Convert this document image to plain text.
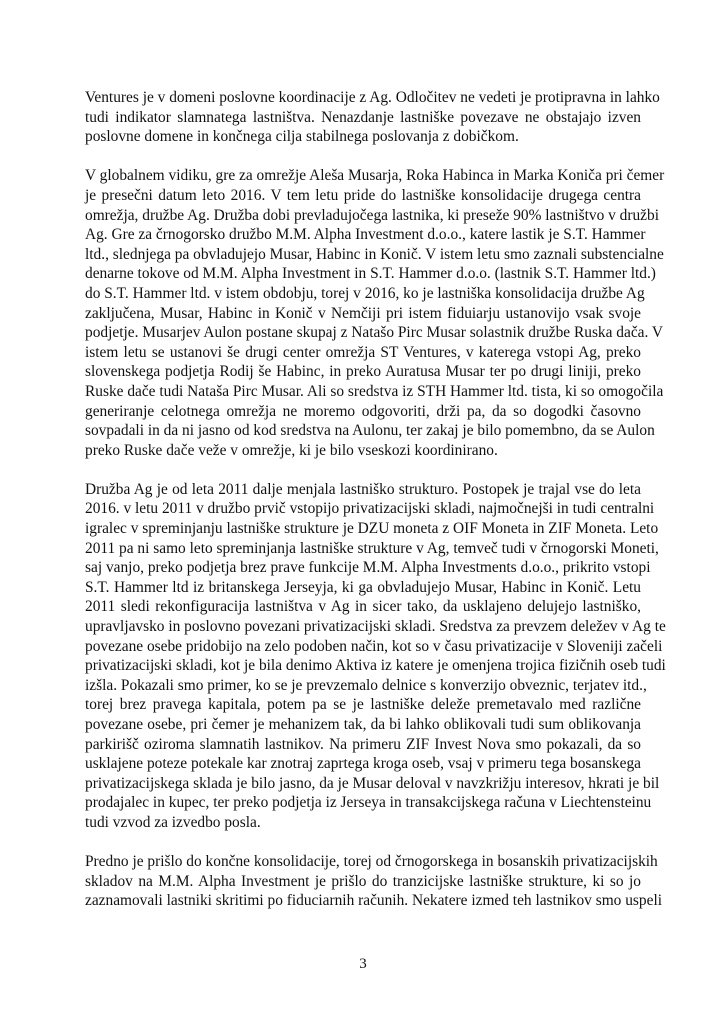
Ventures je v domeni poslovne koordinacije z Ag. Odločitev ne vedeti je protipravna in lahko
tudi indikator slamnatega lastništva. Nenazdanje lastniške povezave ne obstajajo izven
poslovne domene in končnega cilja stabilnega poslovanja z dobičkom.
V globalnem vidiku, gre za omrežje Aleša Musarja, Roka Habinca in Marka Koniča pri čemer
je presečni datum leto 2016. V tem letu pride do lastniške konsolidacije drugega centra
omrežja, družbe Ag. Družba dobi prevladujočega lastnika, ki preseže 90% lastništvo v družbi
Ag. Gre za črnogorsko družbo M.M. Alpha Investment d.o.o., katere lastik je S.T. Hammer
ltd., slednjega pa obvladujejo Musar, Habinc in Konič. V istem letu smo zaznali substencialne
denarne tokove od M.M. Alpha Investment in S.T. Hammer d.o.o. (lastnik S.T. Hammer ltd.)
do S.T. Hammer ltd. v istem obdobju, torej v 2016, ko je lastniška konsolidacija družbe Ag
zaključena, Musar, Habinc in Konič v Nemčiji pri istem fiduiarju ustanovijo vsak svoje
podjetje. Musarjev Aulon postane skupaj z Natašo Pirc Musar solastnik družbe Ruska dača. V
istem letu se ustanovi še drugi center omrežja ST Ventures, v katerega vstopi Ag, preko
slovenskega podjetja Rodij še Habinc, in preko Auratusa Musar ter po drugi liniji, preko
Ruske dače tudi Nataša Pirc Musar. Ali so sredstva iz STH Hammer ltd. tista, ki so omogočila
generiranje celotnega omrežja ne moremo odgovoriti, drži pa, da so dogodki časovno
sovpadali in da ni jasno od kod sredstva na Aulonu, ter zakaj je bilo pomembno, da se Aulon
preko Ruske dače veže v omrežje, ki je bilo vseskozi koordinirano.
Družba Ag je od leta 2011 dalje menjala lastniško strukturo. Postopek je trajal vse do leta
2016. v letu 2011 v družbo prvič vstopijo privatizacijski skladi, najmočnejši in tudi centralni
igralec v spreminjanju lastniške strukture je DZU moneta z OIF Moneta in ZIF Moneta. Leto
2011 pa ni samo leto spreminjanja lastniške strukture v Ag, temveč tudi v črnogorski Moneti,
saj vanjo, preko podjetja brez prave funkcije M.M. Alpha Investments d.o.o., prikrito vstopi
S.T. Hammer ltd iz britanskega Jerseyja, ki ga obvladujejo Musar, Habinc in Konič. Letu
2011 sledi rekonfiguracija lastništva v Ag in sicer tako, da usklajeno delujejo lastniško,
upravljavsko in poslovno povezani privatizacijski skladi. Sredstva za prevzem deležev v Ag te
povezane osebe pridobijo na zelo podoben način, kot so v času privatizacije v Sloveniji začeli
privatizacijski skladi, kot je bila denimo Aktiva iz katere je omenjena trojica fizičnih oseb tudi
izšla. Pokazali smo primer, ko se je prevzemalo delnice s konverzijo obveznic, terjatev itd.,
torej brez pravega kapitala, potem pa se je lastniške deleže premetavalo med različne
povezane osebe, pri čemer je mehanizem tak, da bi lahko oblikovali tudi sum oblikovanja
parkirišč oziroma slamnatih lastnikov. Na primeru ZIF Invest Nova smo pokazali, da so
usklajene poteze potekale kar znotraj zaprtega kroga oseb, vsaj v primeru tega bosanskega
privatizacijskega sklada je bilo jasno, da je Musar deloval v navzkrižju interesov, hkrati je bil
prodajalec in kupec, ter preko podjetja iz Jerseya in transakcijskega računa v Liechtensteinu
tudi vzvod za izvedbo posla.
Predno je prišlo do končne konsolidacije, torej od črnogorskega in bosanskih privatizacijskih
skladov na M.M. Alpha Investment je prišlo do tranzicijske lastniške strukture, ki so jo
zaznamovali lastniki skritimi po fiduciarnih računih. Nekatere izmed teh lastnikov smo uspeli
3
